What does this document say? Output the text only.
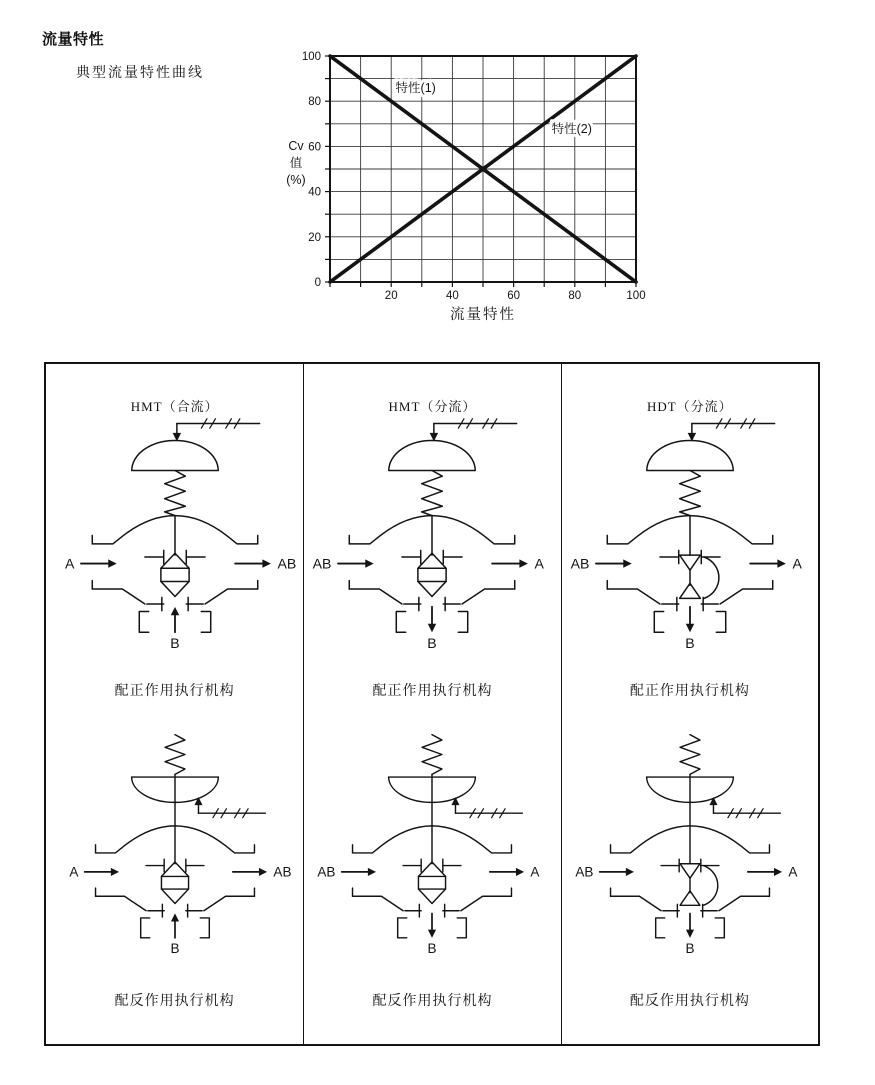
流量特性
典型流量特性曲线
0
20
40
60
80
100
20	40	60	80	100
特性(1)
特性(2)
Cv
值
(%)
流量特性
HMT（合流）
B
A	AB
配正作用执行机构
HMT（分流）
B
AB	A
配正作用执行机构
HDT（分流）
B
AB	A
配正作用执行机构
B
A	AB
配反作用执行机构
B
AB	A
配反作用执行机构
B
AB	A
配反作用执行机构
